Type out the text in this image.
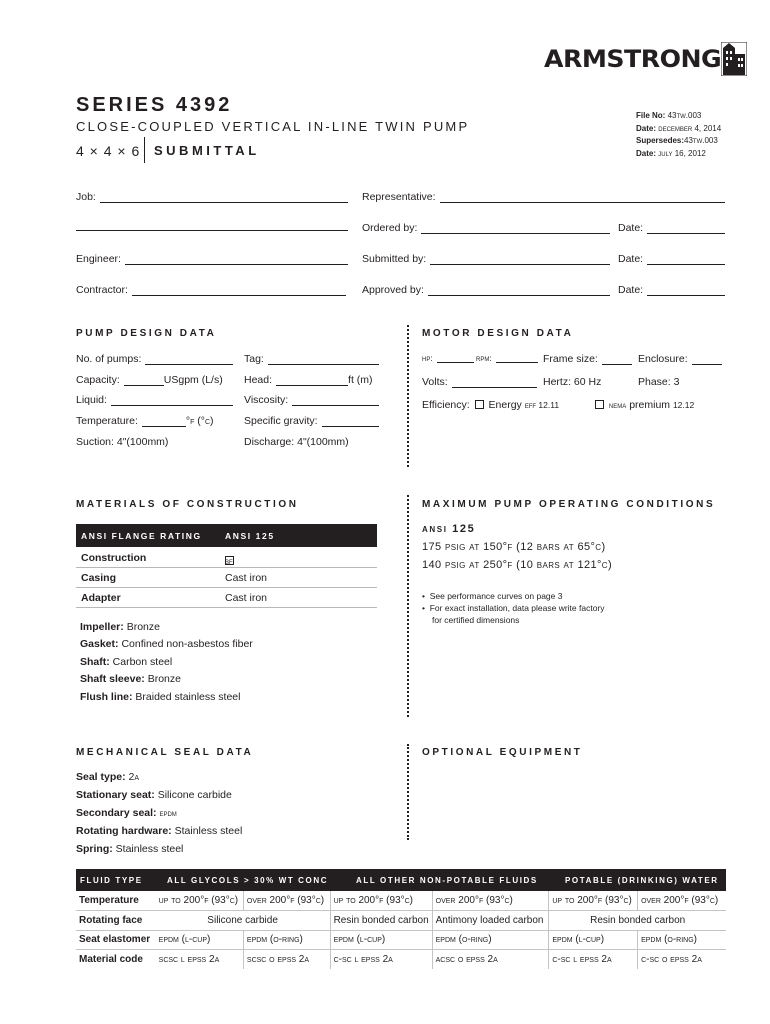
ARMSTRONG
SERIES 4392
CLOSE-COUPLED VERTICAL IN-LINE TWIN PUMP
4 × 4 × 6 SUBMITTAL
File No: 43tw.003
Date: december 4, 2014
Supersedes:43tw.003
Date: july 16, 2012
Job:	Representative:
Ordered by:	Date:
Engineer:	Submitted by:	Date:
Contractor:	Approved by:	Date:
PUMP DESIGN DATA
No. of pumps:	Tag:
Capacity:	USgpm (L/s) Head:	ft (m)
Liquid:	Viscosity:
Temperature:	°f (°c)	Specific gravity:
Suction: 4"(100mm)	Discharge: 4"(100mm)
MOTOR DESIGN DATA
hp:	rpm:	Frame size:	Enclosure:
Volts:	Hertz: 60 Hz	Phase: 3
Efficiency: Energy eff 12.11	nema premium 12.12
MATERIALS OF CONSTRUCTION
ANSI FLANGE RATING	ANSI 125
Construction	bf
Casing	Cast iron
Adapter	Cast iron
Impeller: Bronze
Gasket: Confined non-asbestos fiber
Shaft: Carbon steel
Shaft sleeve: Bronze
Flush line: Braided stainless steel
MAXIMUM PUMP OPERATING CONDITIONS
ansi 125
175 psig at 150°f (12 bars at 65°c)
140 psig at 250°f (10 bars at 121°c)
•  See performance curves on page 3
•  For exact installation, data please write factory
for certified dimensions
MECHANICAL SEAL DATA
Seal type: 2a
Stationary seat: Silicone carbide
Secondary seal: epdm
Rotating hardware: Stainless steel
Spring: Stainless steel
OPTIONAL EQUIPMENT
FLUID TYPE	ALL GLYCOLS > 30% WT CONC	ALL OTHER NON-POTABLE FLUIDS	POTABLE (DRINKING) WATER
Temperature	up to 200°f (93°c)	over 200°f (93°c)	up to 200°f (93°c)	over 200°f (93°c)	up to 200°f (93°c)	over 200°f (93°c)
Rotating face	Silicone carbide		Resin bonded carbon	Antimony loaded carbon	Resin bonded carbon	
Seat elastomer	epdm (l-cup)	epdm (o-ring)	epdm (l-cup)	epdm (o-ring)	epdm (l-cup)	epdm (o-ring)
Material code	scsc l epss 2a	scsc o epss 2a	c-sc l epss 2a	acsc o epss 2a	c-sc l epss 2a	c-sc o epss 2a
